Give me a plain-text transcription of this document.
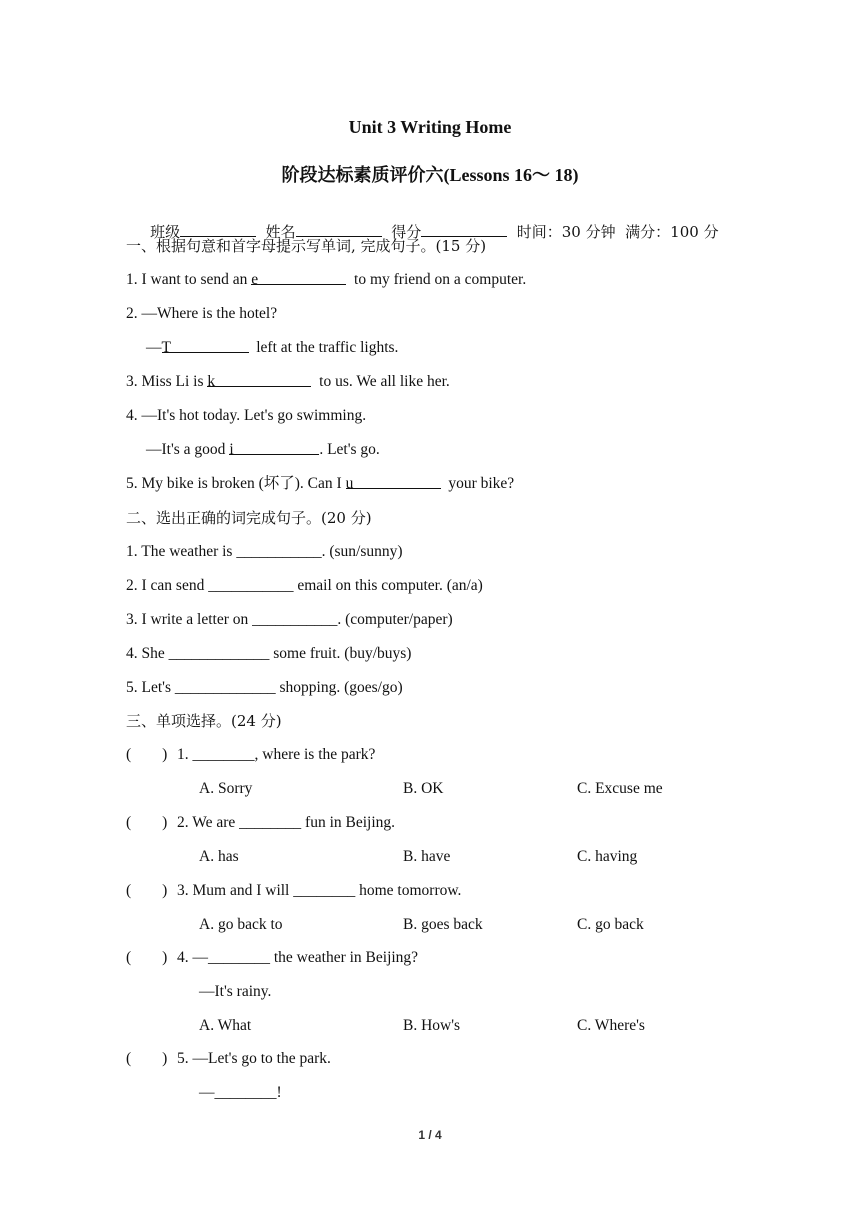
Unit 3 Writing Home
阶段达标素质评价六(Lessons 16～ 18)

班级	姓名	得分	时间：30 分钟 满分：100 分

一、根据句意和首字母提示写单词, 完成句子。(15 分)
1. I want to send an e	to my friend on a computer.
2. —Where is the hotel?
—T	left at the traffic lights.
3. Miss Li is k	to us. We all like her.
4. —It's hot today. Let's go swimming.
—It's a good i	. Let's go.
5. My bike is broken (坏了). Can I u	your bike?
二、选出正确的词完成句子。(20 分)
1. The weather is ___________. (sun/sunny)
2. I can send ___________ email on this computer. (an/a)
3. I write a letter on ___________. (computer/paper)
4. She _____________ some fruit. (buy/buys)
5. Let's _____________ shopping. (goes/go)
三、单项选择。(24 分)
(        ) 1. ________, where is the park?
A. Sorry	B. OK	C. Excuse me
(        ) 2. We are ________ fun in Beijing.
A. has	B. have	C. having
(        ) 3. Mum and I will ________ home tomorrow.
A. go back to	B. goes back	C. go back
(        ) 4. —________ the weather in Beijing?
—It's rainy.
A. What	B. How's	C. Where's
(        ) 5. —Let's go to the park.
—________!
1 / 4
